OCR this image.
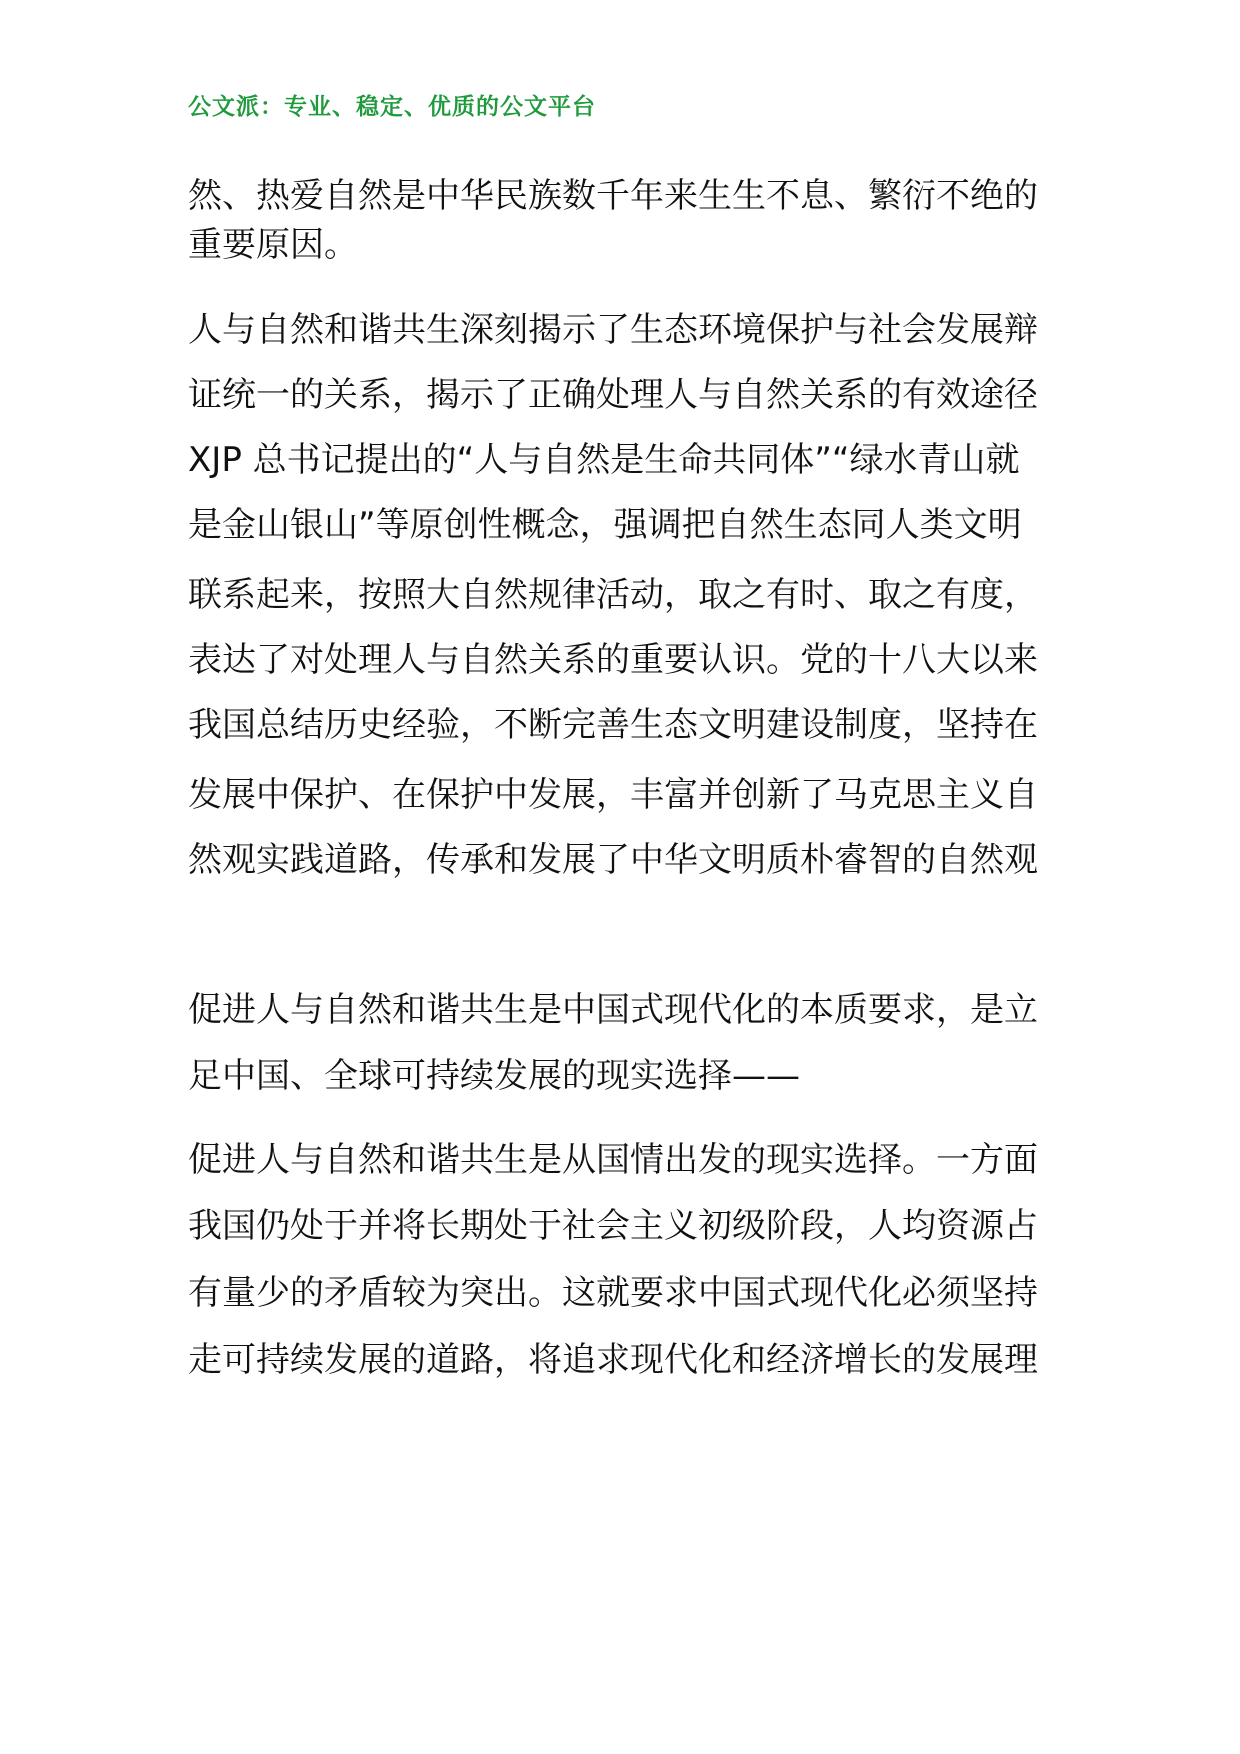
公文派：专业、稳定、优质的公文平台
然、热爱自然是中华民族数千年来生生不息、繁衍不绝的
重要原因。
人与自然和谐共生深刻揭示了生态环境保护与社会发展辩
证统一的关系，揭示了正确处理人与自然关系的有效途径
XJP 总书记提出的“人与自然是生命共同体”“绿水青山就
是金山银山”等原创性概念，强调把自然生态同人类文明
联系起来，按照大自然规律活动，取之有时、取之有度，
表达了对处理人与自然关系的重要认识。党的十八大以来
我国总结历史经验，不断完善生态文明建设制度，坚持在
发展中保护、在保护中发展，丰富并创新了马克思主义自
然观实践道路，传承和发展了中华文明质朴睿智的自然观
促进人与自然和谐共生是中国式现代化的本质要求，是立
足中国、全球可持续发展的现实选择——
促进人与自然和谐共生是从国情出发的现实选择。一方面
我国仍处于并将长期处于社会主义初级阶段，人均资源占
有量少的矛盾较为突出。这就要求中国式现代化必须坚持
走可持续发展的道路，将追求现代化和经济增长的发展理
